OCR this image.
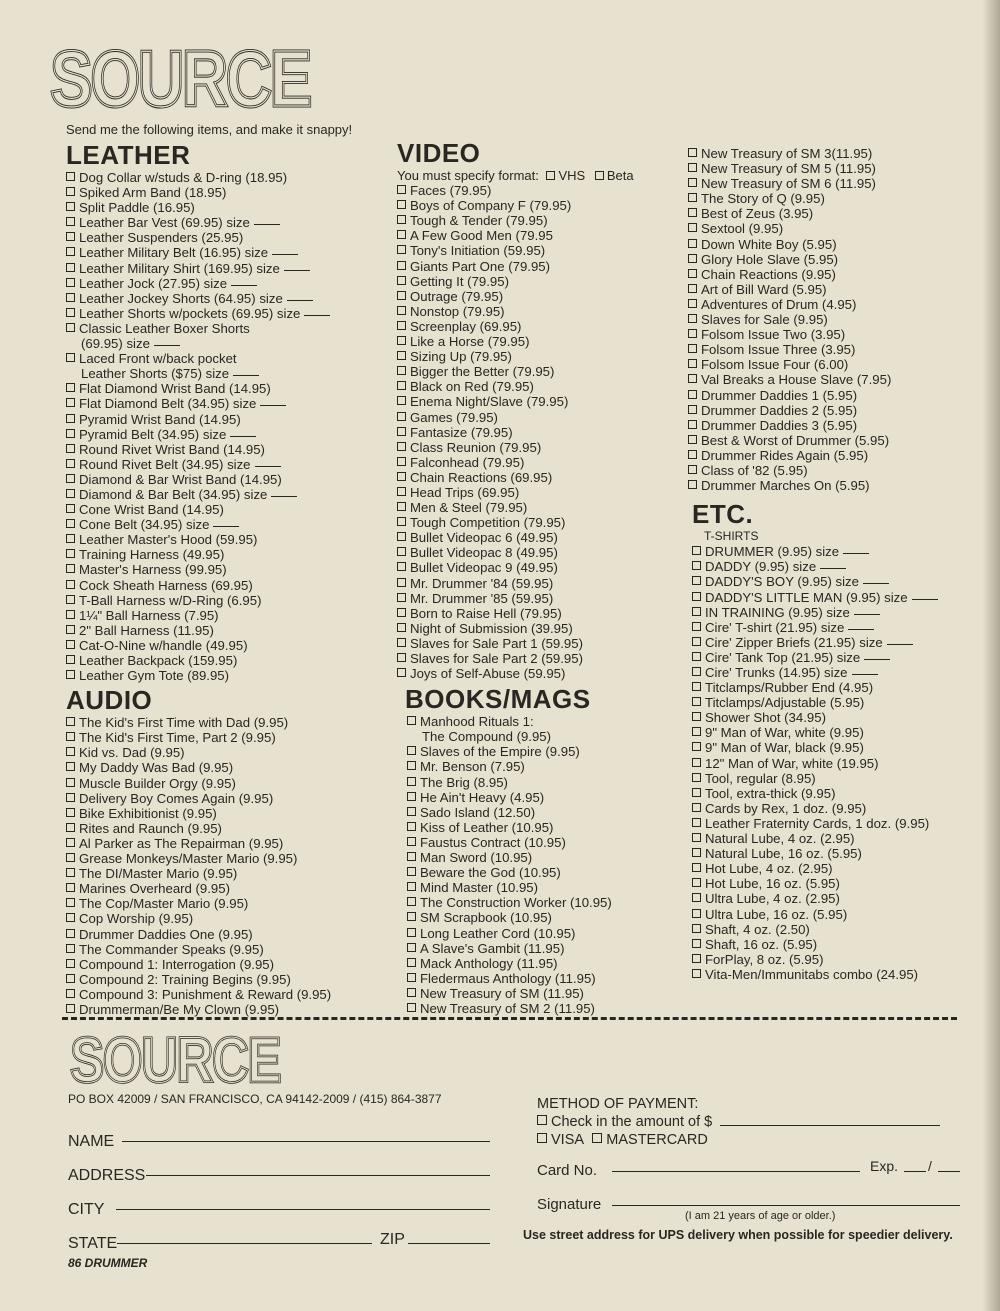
SOURCE
SOURCE
Send me the following items, and make it snappy!
LEATHER
Dog Collar w/studs & D-ring (18.95)
Spiked Arm Band (18.95)
Split Paddle (16.95)
Leather Bar Vest (69.95) size
Leather Suspenders (25.95)
Leather Military Belt (16.95) size
Leather Military Shirt (169.95) size
Leather Jock (27.95) size
Leather Jockey Shorts (64.95) size
Leather Shorts w/pockets (69.95) size
Classic Leather Boxer Shorts
(69.95) size
Laced Front w/back pocket
Leather Shorts ($75) size
Flat Diamond Wrist Band (14.95)
Flat Diamond Belt (34.95) size
Pyramid Wrist Band (14.95)
Pyramid Belt (34.95) size
Round Rivet Wrist Band (14.95)
Round Rivet Belt (34.95) size
Diamond & Bar Wrist Band (14.95)
Diamond & Bar Belt (34.95) size
Cone Wrist Band (14.95)
Cone Belt (34.95) size
Leather Master's Hood (59.95)
Training Harness (49.95)
Master's Harness (99.95)
Cock Sheath Harness (69.95)
T-Ball Harness w/D-Ring (6.95)
1¼" Ball Harness (7.95)
2" Ball Harness (11.95)
Cat-O-Nine w/handle (49.95)
Leather Backpack (159.95)
Leather Gym Tote (89.95)
AUDIO
The Kid's First Time with Dad (9.95)
The Kid's First Time, Part 2 (9.95)
Kid vs. Dad (9.95)
My Daddy Was Bad (9.95)
Muscle Builder Orgy (9.95)
Delivery Boy Comes Again (9.95)
Bike Exhibitionist (9.95)
Rites and Raunch (9.95)
Al Parker as The Repairman (9.95)
Grease Monkeys/Master Mario (9.95)
The DI/Master Mario (9.95)
Marines Overheard (9.95)
The Cop/Master Mario (9.95)
Cop Worship (9.95)
Drummer Daddies One (9.95)
The Commander Speaks (9.95)
Compound 1: Interrogation (9.95)
Compound 2: Training Begins (9.95)
Compound 3: Punishment & Reward (9.95)
Drummerman/Be My Clown (9.95)
VIDEO
You must specify format: VHS Beta
Faces (79.95)
Boys of Company F (79.95)
Tough & Tender (79.95)
A Few Good Men (79.95
Tony's Initiation (59.95)
Giants Part One (79.95)
Getting It (79.95)
Outrage (79.95)
Nonstop (79.95)
Screenplay (69.95)
Like a Horse (79.95)
Sizing Up (79.95)
Bigger the Better (79.95)
Black on Red (79.95)
Enema Night/Slave (79.95)
Games (79.95)
Fantasize (79.95)
Class Reunion (79.95)
Falconhead (79.95)
Chain Reactions (69.95)
Head Trips (69.95)
Men & Steel (79.95)
Tough Competition (79.95)
Bullet Videopac 6 (49.95)
Bullet Videopac 8 (49.95)
Bullet Videopac 9 (49.95)
Mr. Drummer '84 (59.95)
Mr. Drummer '85 (59.95)
Born to Raise Hell (79.95)
Night of Submission (39.95)
Slaves for Sale Part 1 (59.95)
Slaves for Sale Part 2 (59.95)
Joys of Self-Abuse (59.95)
BOOKS/MAGS
Manhood Rituals 1:
The Compound (9.95)
Slaves of the Empire (9.95)
Mr. Benson (7.95)
The Brig (8.95)
He Ain't Heavy (4.95)
Sado Island (12.50)
Kiss of Leather (10.95)
Faustus Contract (10.95)
Man Sword (10.95)
Beware the God (10.95)
Mind Master (10.95)
The Construction Worker (10.95)
SM Scrapbook (10.95)
Long Leather Cord (10.95)
A Slave's Gambit (11.95)
Mack Anthology (11.95)
Fledermaus Anthology (11.95)
New Treasury of SM (11.95)
New Treasury of SM 2 (11.95)
New Treasury of SM 3(11.95)
New Treasury of SM 5 (11.95)
New Treasury of SM 6 (11.95)
The Story of Q (9.95)
Best of Zeus (3.95)
Sextool (9.95)
Down White Boy (5.95)
Glory Hole Slave (5.95)
Chain Reactions (9.95)
Art of Bill Ward (5.95)
Adventures of Drum (4.95)
Slaves for Sale (9.95)
Folsom Issue Two (3.95)
Folsom Issue Three (3.95)
Folsom Issue Four (6.00)
Val Breaks a House Slave (7.95)
Drummer Daddies 1 (5.95)
Drummer Daddies 2 (5.95)
Drummer Daddies 3 (5.95)
Best & Worst of Drummer (5.95)
Drummer Rides Again (5.95)
Class of '82 (5.95)
Drummer Marches On (5.95)
ETC.
T-SHIRTS
DRUMMER (9.95) size
DADDY (9.95) size
DADDY'S BOY (9.95) size
DADDY'S LITTLE MAN (9.95) size
IN TRAINING (9.95) size
Cire' T-shirt (21.95) size
Cire' Zipper Briefs (21.95) size
Cire' Tank Top (21.95) size
Cire' Trunks (14.95) size
Titclamps/Rubber End (4.95)
Titclamps/Adjustable (5.95)
Shower Shot (34.95)
9" Man of War, white (9.95)
9" Man of War, black (9.95)
12" Man of War, white (19.95)
Tool, regular (8.95)
Tool, extra-thick (9.95)
Cards by Rex, 1 doz. (9.95)
Leather Fraternity Cards, 1 doz. (9.95)
Natural Lube, 4 oz. (2.95)
Natural Lube, 16 oz. (5.95)
Hot Lube, 4 oz. (2.95)
Hot Lube, 16 oz. (5.95)
Ultra Lube, 4 oz. (2.95)
Ultra Lube, 16 oz. (5.95)
Shaft, 4 oz. (2.50)
Shaft, 16 oz. (5.95)
ForPlay, 8 oz. (5.95)
Vita-Men/Immunitabs combo (24.95)
SOURCE
SOURCE
PO BOX 42009 / SAN FRANCISCO, CA 94142-2009 / (415) 864-3877
NAME
ADDRESS
CITY
STATE	ZIP
METHOD OF PAYMENT:
Check in the amount of $
VISA MASTERCARD
Card No.	Exp. /
Signature
(I am 21 years of age or older.)
Use street address for UPS delivery when possible for speedier delivery.
86 DRUMMER
